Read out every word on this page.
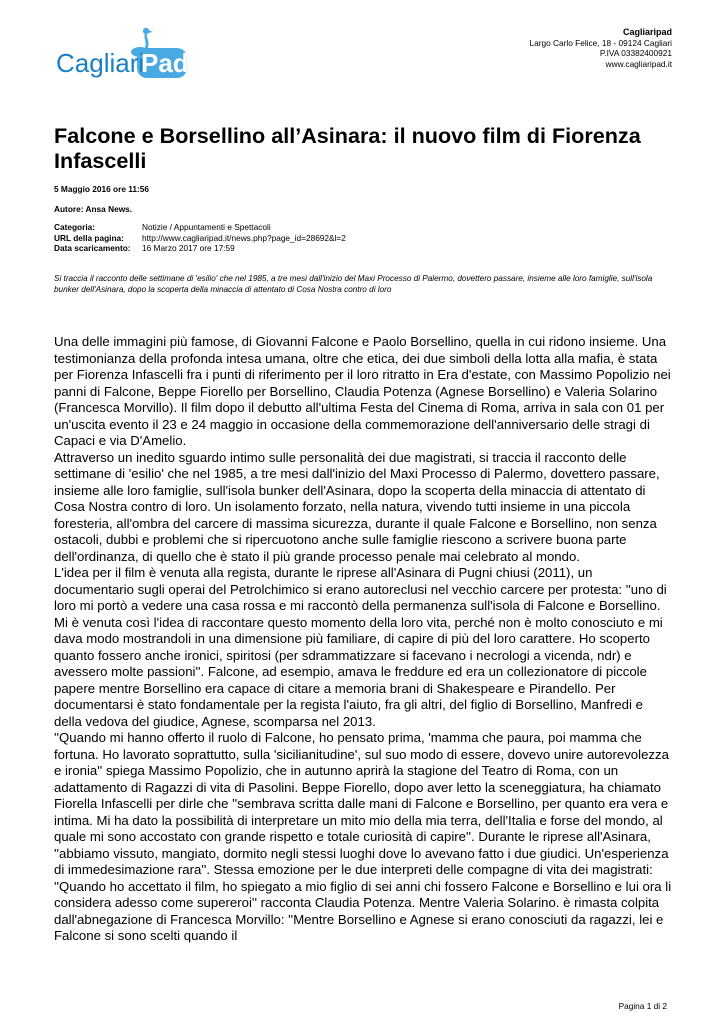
Cagliari
Pad
Cagliaripad
Largo Carlo Felice, 18 - 09124 Cagliari
P.IVA 03382400921
www.cagliaripad.it
Falcone e Borsellino all’Asinara: il nuovo film di Fiorenza Infascelli
5 Maggio 2016 ore 11:56
Autore: Ansa News.
Categoria:	Notizie / Appuntamenti e Spettacoli
URL della pagina:	http://www.cagliaripad.it/news.php?page_id=28692&l=2
Data scaricamento:	16 Marzo 2017 ore 17:59

Si traccia il racconto delle settimane di 'esilio' che nel 1985, a tre mesi dall'inizio del Maxi Processo di Palermo, dovettero passare, insieme alle loro famiglie, sull'isola bunker dell'Asinara, dopo la scoperta della minaccia di attentato di Cosa Nostra contro di loro

Una delle immagini più famose, di Giovanni Falcone e Paolo Borsellino, quella in cui ridono insieme. Una testimonianza della profonda intesa umana, oltre che etica, dei due simboli della lotta alla mafia, è stata per Fiorenza Infascelli fra i punti di riferimento per il loro ritratto in Era d'estate, con Massimo Popolizio nei panni di Falcone, Beppe Fiorello per Borsellino, Claudia Potenza (Agnese Borsellino) e Valeria Solarino (Francesca Morvillo). Il film dopo il debutto all'ultima Festa del Cinema di Roma, arriva in sala con 01 per un'uscita evento il 23 e 24 maggio in occasione della commemorazione dell'anniversario delle stragi di Capaci e via D'Amelio.

Attraverso un inedito sguardo intimo sulle personalità dei due magistrati, si traccia il racconto delle settimane di 'esilio' che nel 1985, a tre mesi dall'inizio del Maxi Processo di Palermo, dovettero passare, insieme alle loro famiglie, sull'isola bunker dell'Asinara, dopo la scoperta della minaccia di attentato di Cosa Nostra contro di loro. Un isolamento forzato, nella natura, vivendo tutti insieme in una piccola foresteria, all'ombra del carcere di massima sicurezza, durante il quale Falcone e Borsellino, non senza ostacoli, dubbi e problemi che si ripercuotono anche sulle famiglie riescono a scrivere buona parte dell'ordinanza, di quello che è stato il più grande processo penale mai celebrato al mondo.

L'idea per il film è venuta alla regista, durante le riprese all'Asinara di Pugni chiusi (2011), un documentario sugli operai del Petrolchimico si erano autoreclusi nel vecchio carcere per protesta: ''uno di loro mi portò a vedere una casa rossa e mi raccontò della permanenza sull'isola di Falcone e Borsellino. Mi è venuta così l'idea di raccontare questo momento della loro vita, perché non è molto conosciuto e mi dava modo mostrandoli in una dimensione più familiare, di capire di più del loro carattere. Ho scoperto quanto fossero anche ironici, spiritosi (per sdrammatizzare si facevano i necrologi a vicenda, ndr) e avessero molte passioni''. Falcone, ad esempio, amava le freddure ed era un collezionatore di piccole papere mentre Borsellino era capace di citare a memoria brani di Shakespeare e Pirandello. Per documentarsi è stato fondamentale per la regista l'aiuto, fra gli altri, del figlio di Borsellino, Manfredi e della vedova del giudice, Agnese, scomparsa nel 2013.

''Quando mi hanno offerto il ruolo di Falcone, ho pensato prima, 'mamma che paura, poi mamma che fortuna. Ho lavorato soprattutto, sulla 'sicilianitudine', sul suo modo di essere, dovevo unire autorevolezza e ironia'' spiega Massimo Popolizio, che in autunno aprirà la stagione del Teatro di Roma, con un adattamento di Ragazzi di vita di Pasolini. Beppe Fiorello, dopo aver letto la sceneggiatura, ha chiamato Fiorella Infascelli per dirle che ''sembrava scritta dalle mani di Falcone e Borsellino, per quanto era vera e intima. Mi ha dato la possibilità di interpretare un mito mio della mia terra, dell'Italia e forse del mondo, al quale mi sono accostato con grande rispetto e totale curiosità di capire''. Durante le riprese all'Asinara, ''abbiamo vissuto, mangiato, dormito negli stessi luoghi dove lo avevano fatto i due giudici. Un'esperienza di immedesimazione rara''. Stessa emozione per le due interpreti delle compagne di vita dei magistrati: ''Quando ho accettato il film, ho spiegato a mio figlio di sei anni chi fossero Falcone e Borsellino e lui ora li considera adesso come supereroi'' racconta Claudia Potenza. Mentre Valeria Solarino. è rimasta colpita dall'abnegazione di Francesca Morvillo: ''Mentre Borsellino e Agnese si erano conosciuti da ragazzi, lei e Falcone si sono scelti quando il

Pagina 1 di 2
